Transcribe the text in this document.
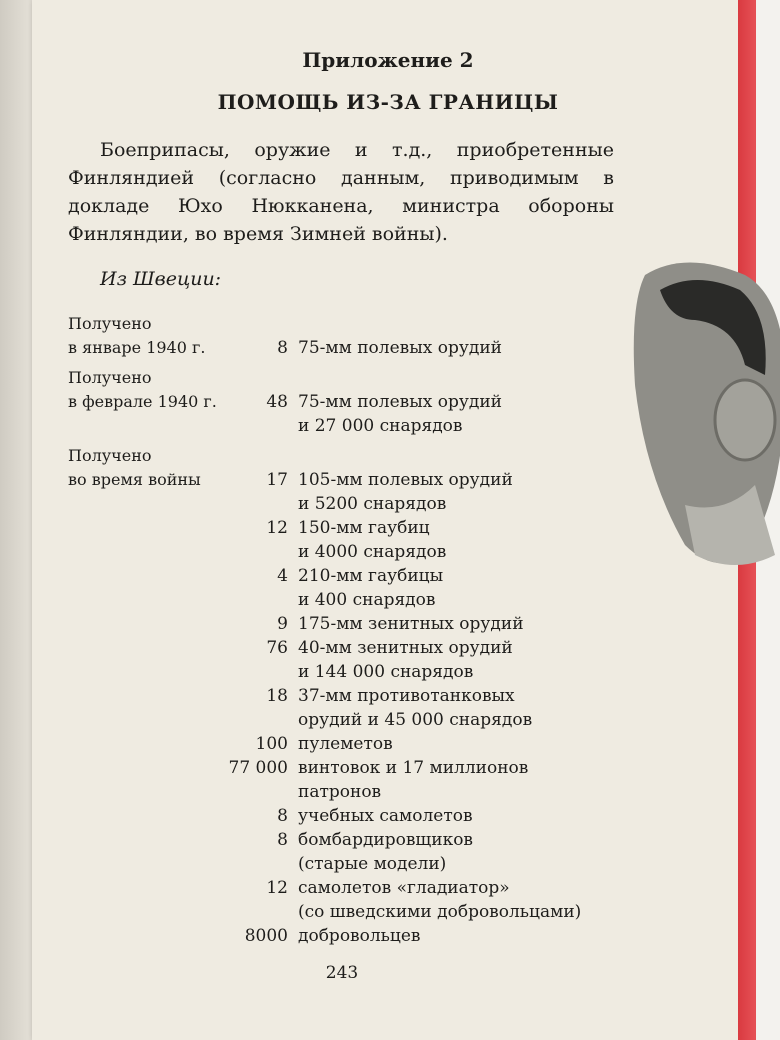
Приложение 2
ПОМОЩЬ ИЗ-ЗА ГРАНИЦЫ
Боеприпасы, оружие и т.д., приобретенные Финляндией (согласно данным, приводимым в докладе Юхо Нюкканена, министра обороны Финляндии, во время Зимней войны).
Из Швеции:
Получено
в январе 1940 г.	8 75-мм полевых орудий
Получено
в феврале 1940 г.	48 75-мм полевых орудий
и 27 000 снарядов
Получено
во время войны	17 105-мм полевых орудий
и 5200 снарядов
12 150-мм гаубиц
и 4000 снарядов
4 210-мм гаубицы
и 400 снарядов
9 175-мм зенитных орудий
76 40-мм зенитных орудий
и 144 000 снарядов
18 37-мм противотанковых
орудий и 45 000 снарядов
100 пулеметов
77 000 винтовок и 17 миллионов
патронов
8 учебных самолетов
8 бомбардировщиков
(старые модели)
12 самолетов «гладиатор»
(со шведскими добровольцами)
8000 добровольцев
243
